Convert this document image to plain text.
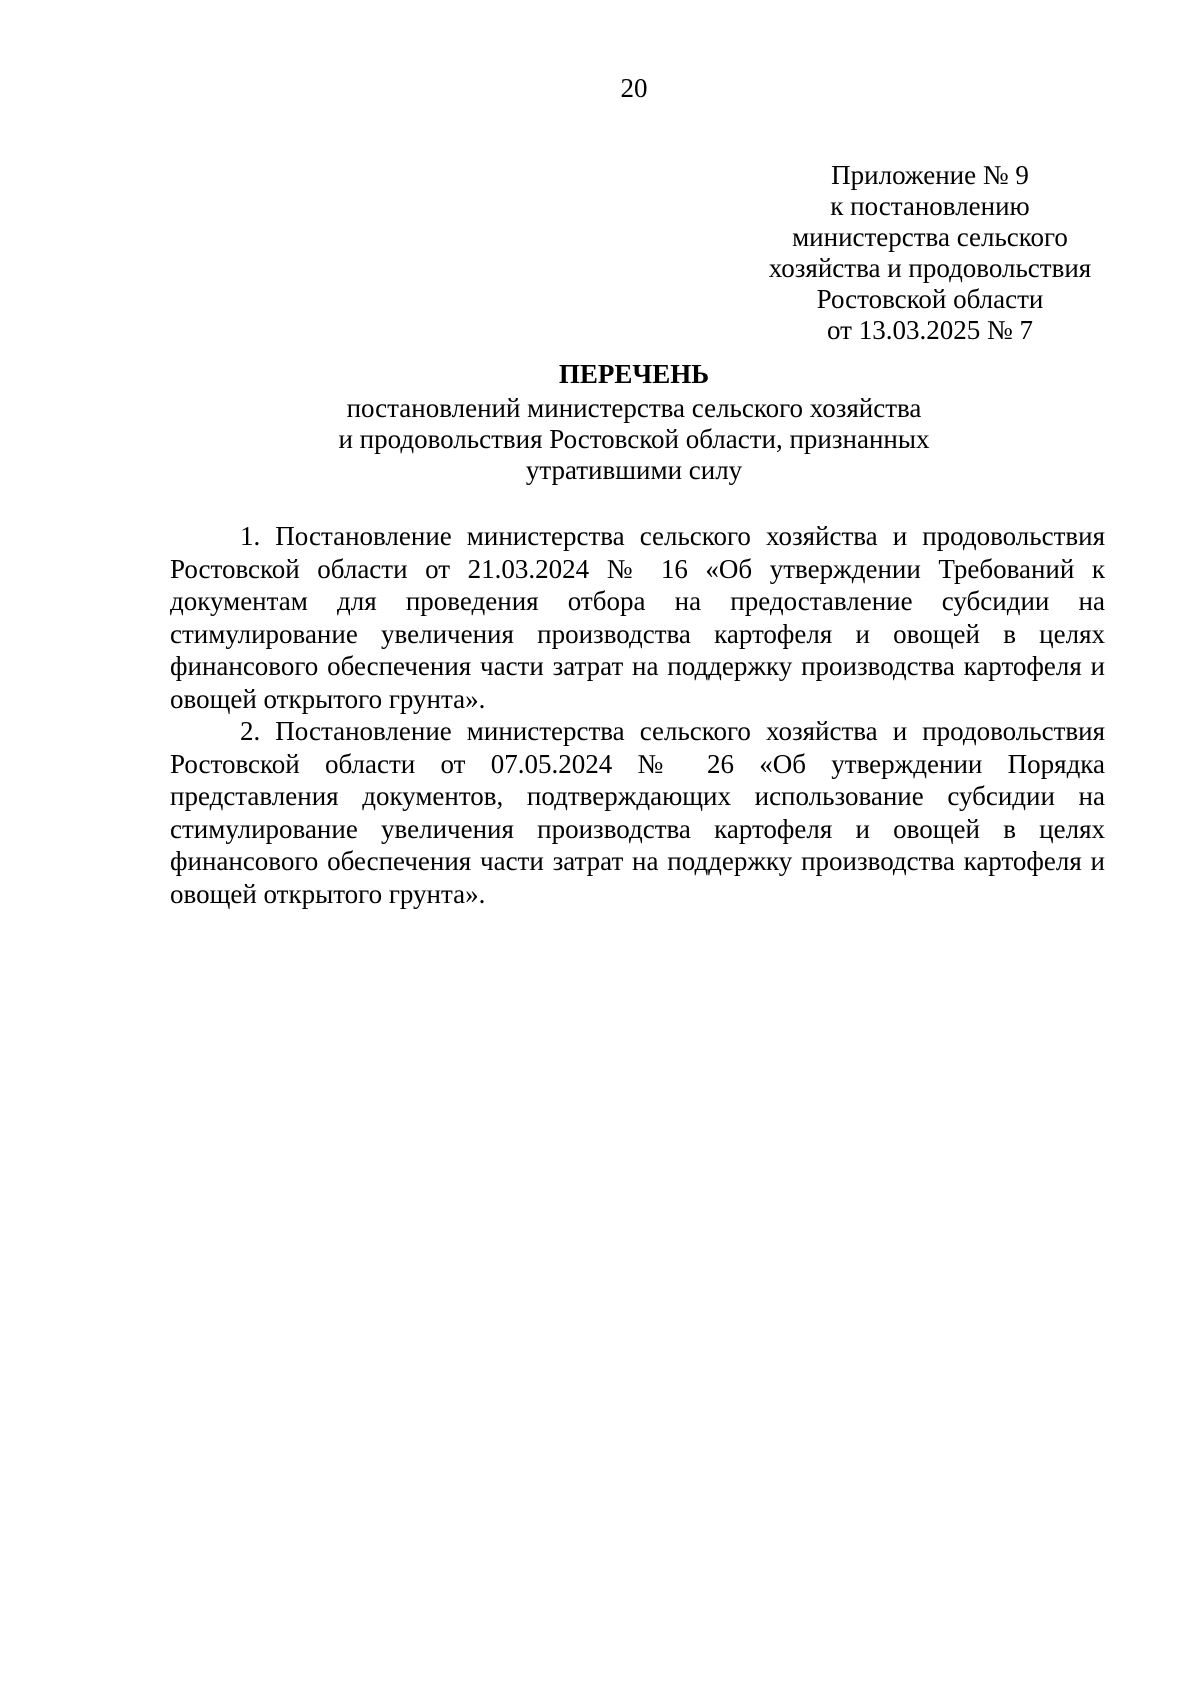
20
Приложение № 9
к постановлению
министерства сельского
хозяйства и продовольствия
Ростовской области
от 13.03.2025 № 7
ПЕРЕЧЕНЬ
постановлений министерства сельского хозяйства
и продовольствия Ростовской области, признанных
утратившими силу

1. Постановление министерства сельского хозяйства и продовольствия Ростовской области от 21.03.2024 № 16 «Об утверждении Требований к документам для проведения отбора на предоставление субсидии на стимулирование увеличения производства картофеля и овощей в целях финансового обеспечения части затрат на поддержку производства картофеля и овощей открытого грунта».

2. Постановление министерства сельского хозяйства и продовольствия Ростовской области от 07.05.2024 № 26 «Об утверждении Порядка представления документов, подтверждающих использование субсидии на стимулирование увеличения производства картофеля и овощей в целях финансового обеспечения части затрат на поддержку производства картофеля и овощей открытого грунта».
